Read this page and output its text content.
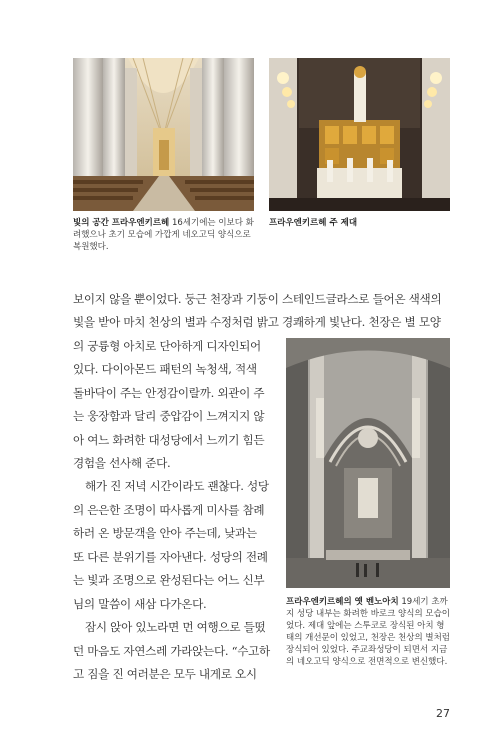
빛의 공간 프라우엔키르헤 16세기에는 이보다 화려했으나 초기 모습에 가깝게 네오고딕 양식으로 복원했다.
프라우엔키르헤 주 제대
보이지 않을 뿐이었다. 둥근 천장과 기둥이 스테인드글라스로 들어온 색색의
빛을 받아 마치 천상의 별과 수정처럼 밝고 경쾌하게 빛난다. 천장은 별 모양
의 궁륭형 아치로 단아하게 디자인되어
있다. 다이아몬드 패턴의 녹청색, 적색
돌바닥이 주는 안정감이랄까. 외관이 주
는 웅장함과 달리 중압감이 느껴지지 않
아 여느 화려한 대성당에서 느끼기 힘든
경험을 선사해 준다.
해가 진 저녁 시간이라도 괜찮다. 성당
의 은은한 조명이 따사롭게 미사를 참례
하러 온 방문객을 안아 주는데, 낮과는
또 다른 분위기를 자아낸다. 성당의 전례
는 빛과 조명으로 완성된다는 어느 신부
님의 말씀이 새삼 다가온다.
잠시 앉아 있노라면 먼 여행으로 들떴
던 마음도 자연스레 가라앉는다. “수고하
고 짐을 진 여러분은 모두 내게로 오시
프라우엔키르헤의 옛 벤노아치 19세기 초까지 성당 내부는 화려한 바로크 양식의 모습이었다. 제대 앞에는 스투코로 장식된 아치 형태의 개선문이 있었고, 천장은 천상의 별처럼 장식되어 있었다. 주교좌성당이 되면서 지금의 네오고딕 양식으로 전면적으로 변신했다.
27
